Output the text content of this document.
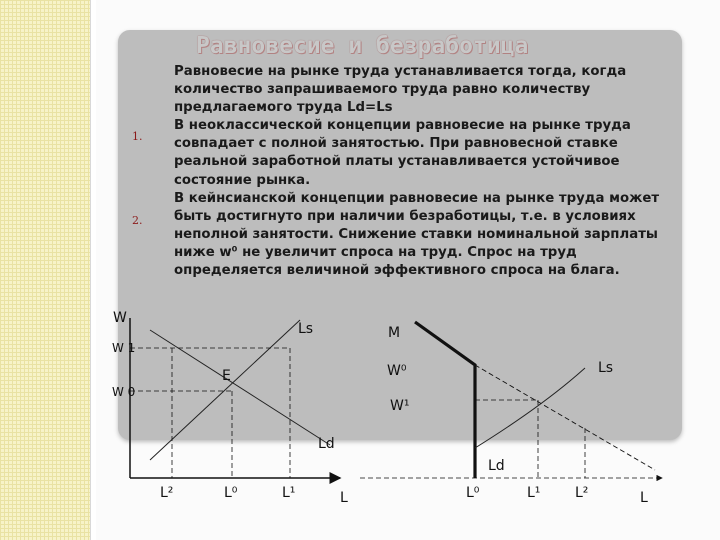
Равновесие и безработица

Равновесие на рынке труда устанавливается тогда, когда количество запрашиваемого труда равно количеству предлагаемого труда Ld=Ls

В неоклассической концепции равновесие на рынке труда совпадает с полной занятостью. При равновесной ставке реальной заработной платы устанавливается устойчивое состояние рынка.

В кейнсианской концепции равновесие на рынке труда может быть достигнуто при наличии безработицы, т.е. в условиях неполной занятости. Снижение ставки номинальной зарплаты ниже w⁰ не увеличит спроса на труд. Спрос на труд определяется величиной эффективного спроса на блага.

1.
2.
W
W 1
W 0
Ls
Ld
E
L²	L⁰	L¹	L
M
W⁰
W¹
Ls
Ld
L⁰	L¹ L²	L
